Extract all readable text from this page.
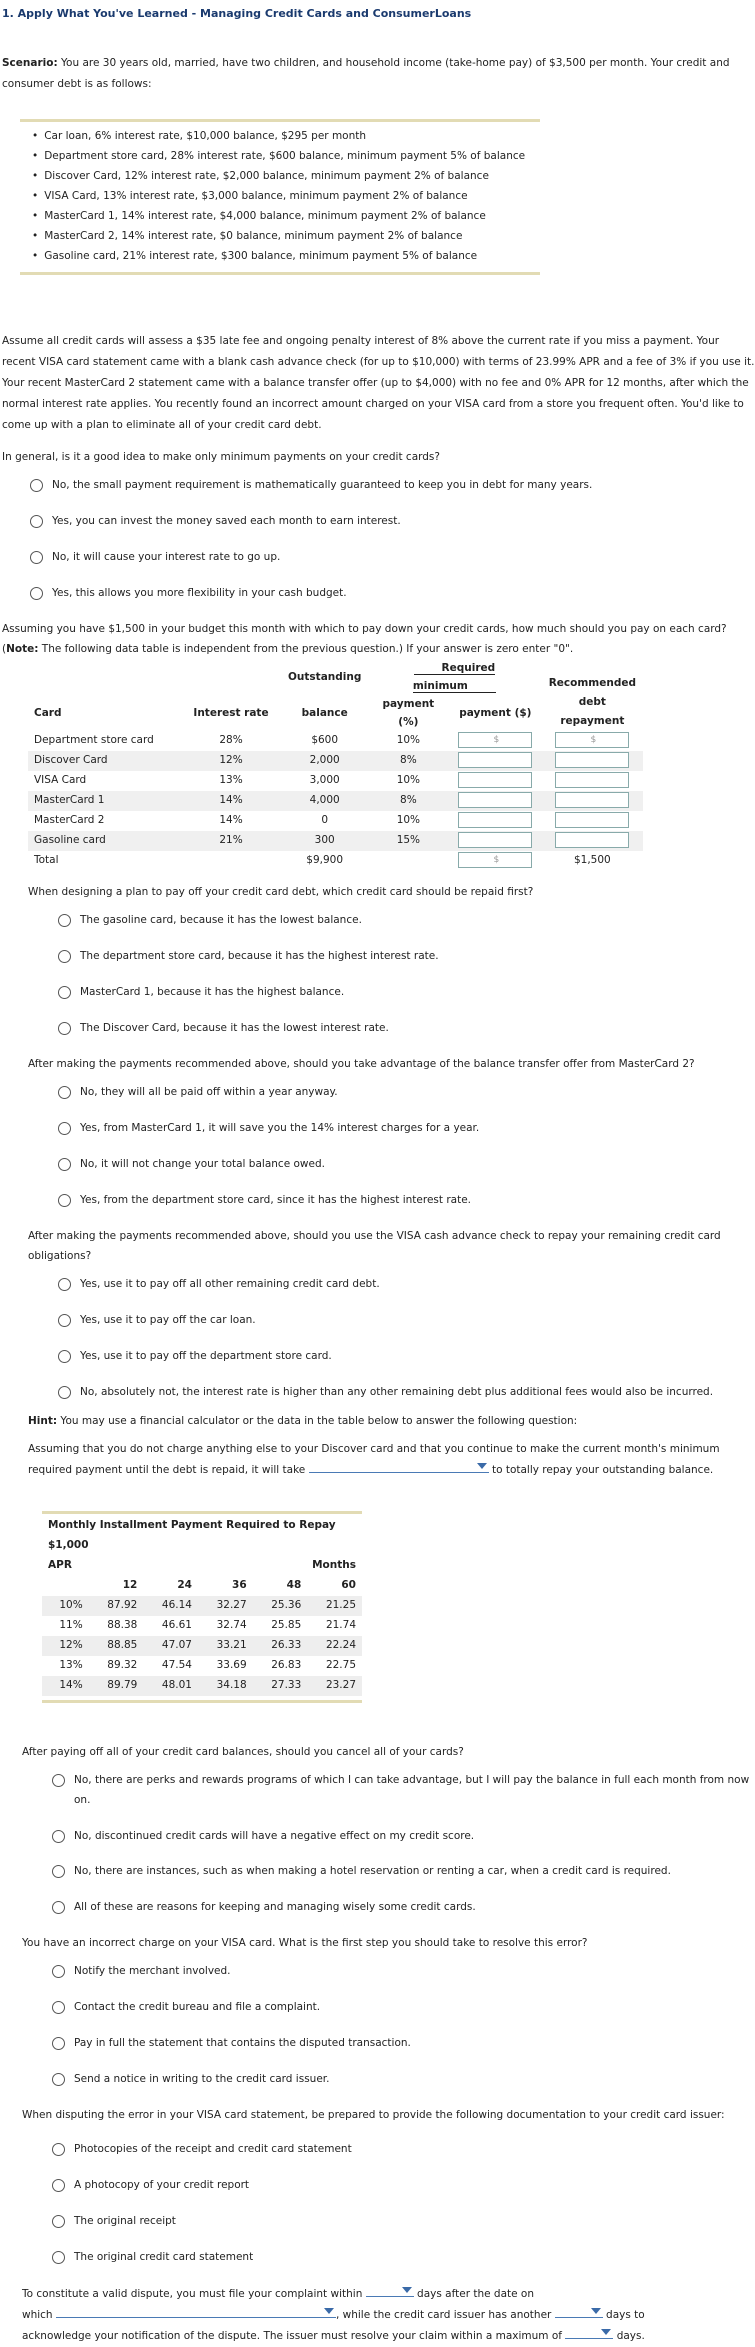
1. Apply What You've Learned - Managing Credit Cards and ConsumerLoans

Scenario: You are 30 years old, married, have two children, and household income (take-home pay) of $3,500 per month. Your credit and consumer debt is as follows:

• Car loan, 6% interest rate, $10,000 balance, $295 per month
• Department store card, 28% interest rate, $600 balance, minimum payment 5% of balance
• Discover Card, 12% interest rate, $2,000 balance, minimum payment 2% of balance
• VISA Card, 13% interest rate, $3,000 balance, minimum payment 2% of balance
• MasterCard 1, 14% interest rate, $4,000 balance, minimum payment 2% of balance
• MasterCard 2, 14% interest rate, $0 balance, minimum payment 2% of balance
• Gasoline card, 21% interest rate, $300 balance, minimum payment 5% of balance

Assume all credit cards will assess a $35 late fee and ongoing penalty interest of 8% above the current rate if you miss a payment. Your recent VISA card statement came with a blank cash advance check (for up to $10,000) with terms of 23.99% APR and a fee of 3% if you use it. Your recent MasterCard 2 statement came with a balance transfer offer (up to $4,000) with no fee and 0% APR for 12 months, after which the normal interest rate applies. You recently found an incorrect amount charged on your VISA card from a store you frequent often. You'd like to come up with a plan to eliminate all of your credit card debt.

In general, is it a good idea to make only minimum payments on your credit cards?

No, the small payment requirement is mathematically guaranteed to keep you in debt for many years.
Yes, you can invest the money saved each month to earn interest.
No, it will cause your interest rate to go up.
Yes, this allows you more flexibility in your cash budget.

Assuming you have $1,500 in your budget this month with which to pay down your credit cards, how much should you pay on each card? (Note: The following data table is independent from the previous question.) If your answer is zero enter "0".

		Outstanding	Required minimum		Recommended debt repayment
Card	Interest rate	balance	payment (%)	payment ($)	
Department store card	28%	$600	10%	$	$
Discover Card	12%	2,000	8%		
VISA Card	13%	3,000	10%		
MasterCard 1	14%	4,000	8%		
MasterCard 2	14%	0	10%		
Gasoline card	21%	300	15%		
Total		$9,900		$	$1,500

When designing a plan to pay off your credit card debt, which credit card should be repaid first?

The gasoline card, because it has the lowest balance.
The department store card, because it has the highest interest rate.
MasterCard 1, because it has the highest balance.
The Discover Card, because it has the lowest interest rate.

After making the payments recommended above, should you take advantage of the balance transfer offer from MasterCard 2?

No, they will all be paid off within a year anyway.
Yes, from MasterCard 1, it will save you the 14% interest charges for a year.
No, it will not change your total balance owed.
Yes, from the department store card, since it has the highest interest rate.

After making the payments recommended above, should you use the VISA cash advance check to repay your remaining credit card obligations?

Yes, use it to pay off all other remaining credit card debt.
Yes, use it to pay off the car loan.
Yes, use it to pay off the department store card.
No, absolutely not, the interest rate is higher than any other remaining debt plus additional fees would also be incurred.

Hint: You may use a financial calculator or the data in the table below to answer the following question:

Assuming that you do not charge anything else to your Discover card and that you continue to make the current month's minimum required payment until the debt is repaid, it will take	to totally repay your outstanding balance.

Monthly Installment Payment Required to Repay $1,000					
APR	Months				
	12	24	36	48	60
10%	87.92	46.14	32.27	25.36	21.25
11%	88.38	46.61	32.74	25.85	21.74
12%	88.85	47.07	33.21	26.33	22.24
13%	89.32	47.54	33.69	26.83	22.75
14%	89.79	48.01	34.18	27.33	23.27

After paying off all of your credit card balances, should you cancel all of your cards?

No, there are perks and rewards programs of which I can take advantage, but I will pay the balance in full each month from now on.
No, discontinued credit cards will have a negative effect on my credit score.
No, there are instances, such as when making a hotel reservation or renting a car, when a credit card is required.
All of these are reasons for keeping and managing wisely some credit cards.

You have an incorrect charge on your VISA card. What is the first step you should take to resolve this error?

Notify the merchant involved.
Contact the credit bureau and file a complaint.
Pay in full the statement that contains the disputed transaction.
Send a notice in writing to the credit card issuer.

When disputing the error in your VISA card statement, be prepared to provide the following documentation to your credit card issuer:

Photocopies of the receipt and credit card statement
A photocopy of your credit report
The original receipt
The original credit card statement

To constitute a valid dispute, you must file your complaint within	days after the date on
which	, while the credit card issuer has another	days to
acknowledge your notification of the dispute. The issuer must resolve your claim within a maximum of	days.
